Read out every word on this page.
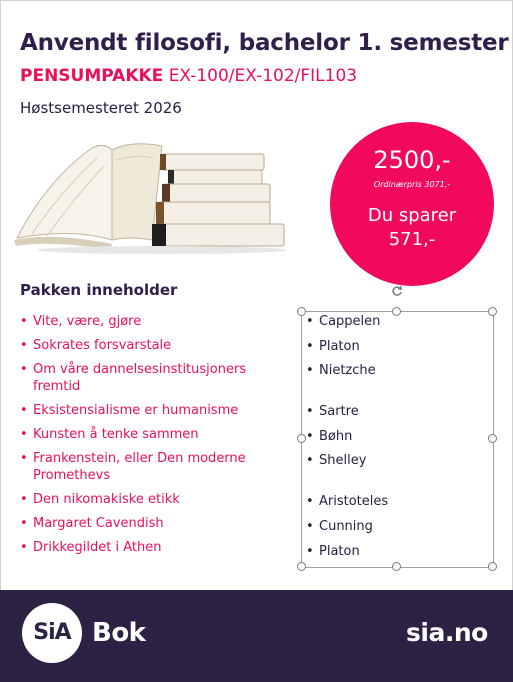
Anvendt filosofi, bachelor 1. semester
PENSUMPAKKE EX-100/EX-102/FIL103
Høstsemesteret 2026
2500,-
Ordinærpris 3071,-
Du sparer
571,-
Pakken inneholder
• Vite, være, gjøre
• Sokrates forsvarstale
• Om våre dannelsesinstitusjoners fremtid
• Eksistensialisme er humanisme
• Kunsten å tenke sammen
• Frankenstein, eller Den moderne Promethevs
• Den nikomakiske etikk
• Margaret Cavendish
• Drikkegildet i Athen
• Cappelen
• Platon
• Nietzche
• Sartre
• Bøhn
• Shelley
• Aristoteles
• Cunning
• Platon
SiA Bok	sia.no
